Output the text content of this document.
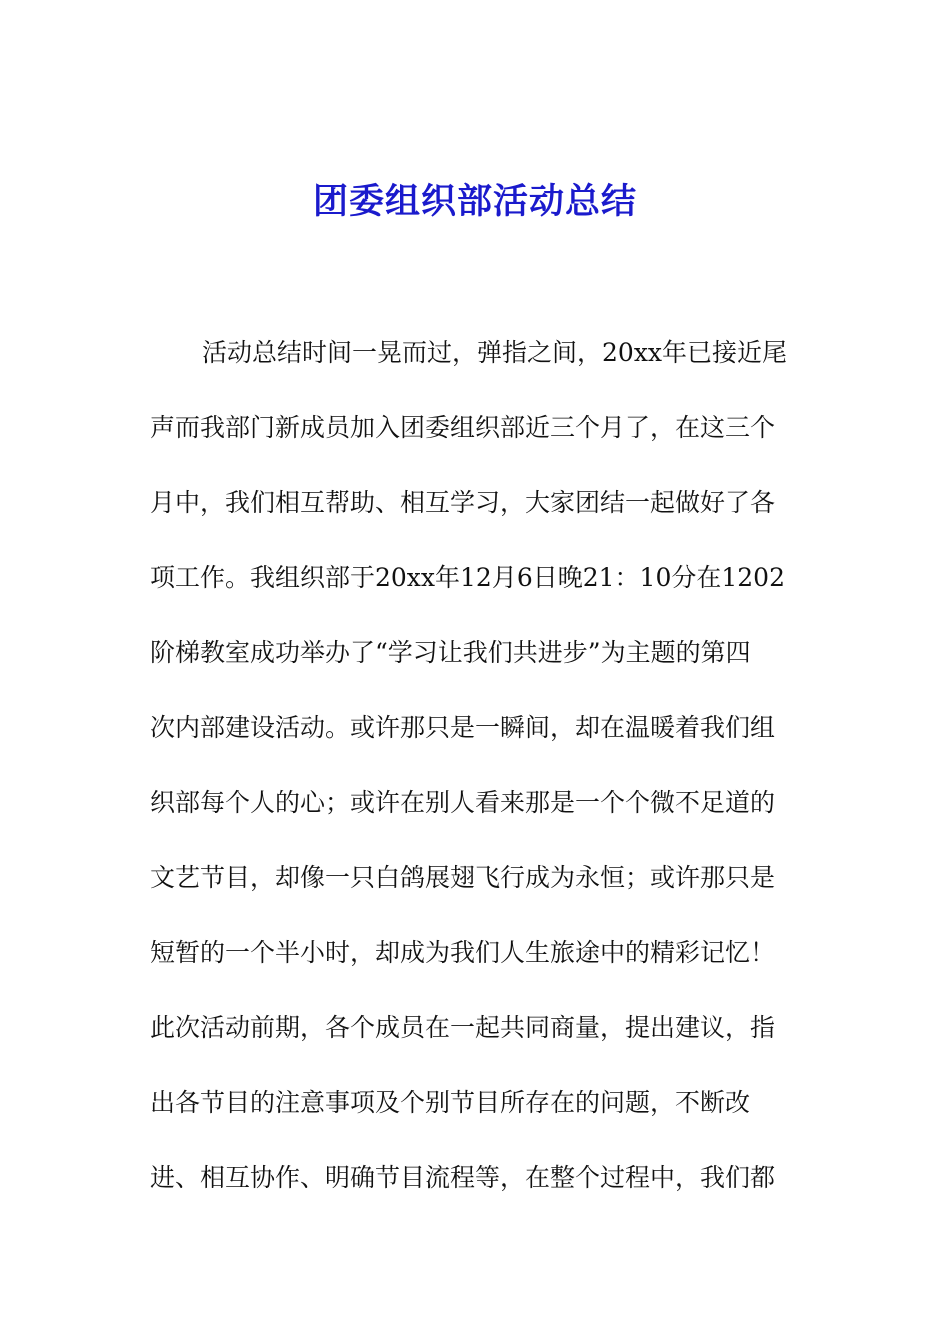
团委组织部活动总结
活动总结时间一晃而过，弹指之间，20xx年已接近尾
声而我部门新成员加入团委组织部近三个月了，在这三个
月中，我们相互帮助、相互学习，大家团结一起做好了各
项工作。我组织部于20xx年12月6日晚21：10分在1202
阶梯教室成功举办了“学习让我们共进步”为主题的第四
次内部建设活动。或许那只是一瞬间，却在温暖着我们组
织部每个人的心；或许在别人看来那是一个个微不足道的
文艺节目，却像一只白鸽展翅飞行成为永恒；或许那只是
短暂的一个半小时，却成为我们人生旅途中的精彩记忆！
此次活动前期，各个成员在一起共同商量，提出建议，指
出各节目的注意事项及个别节目所存在的问题，不断改
进、相互协作、明确节目流程等，在整个过程中，我们都
